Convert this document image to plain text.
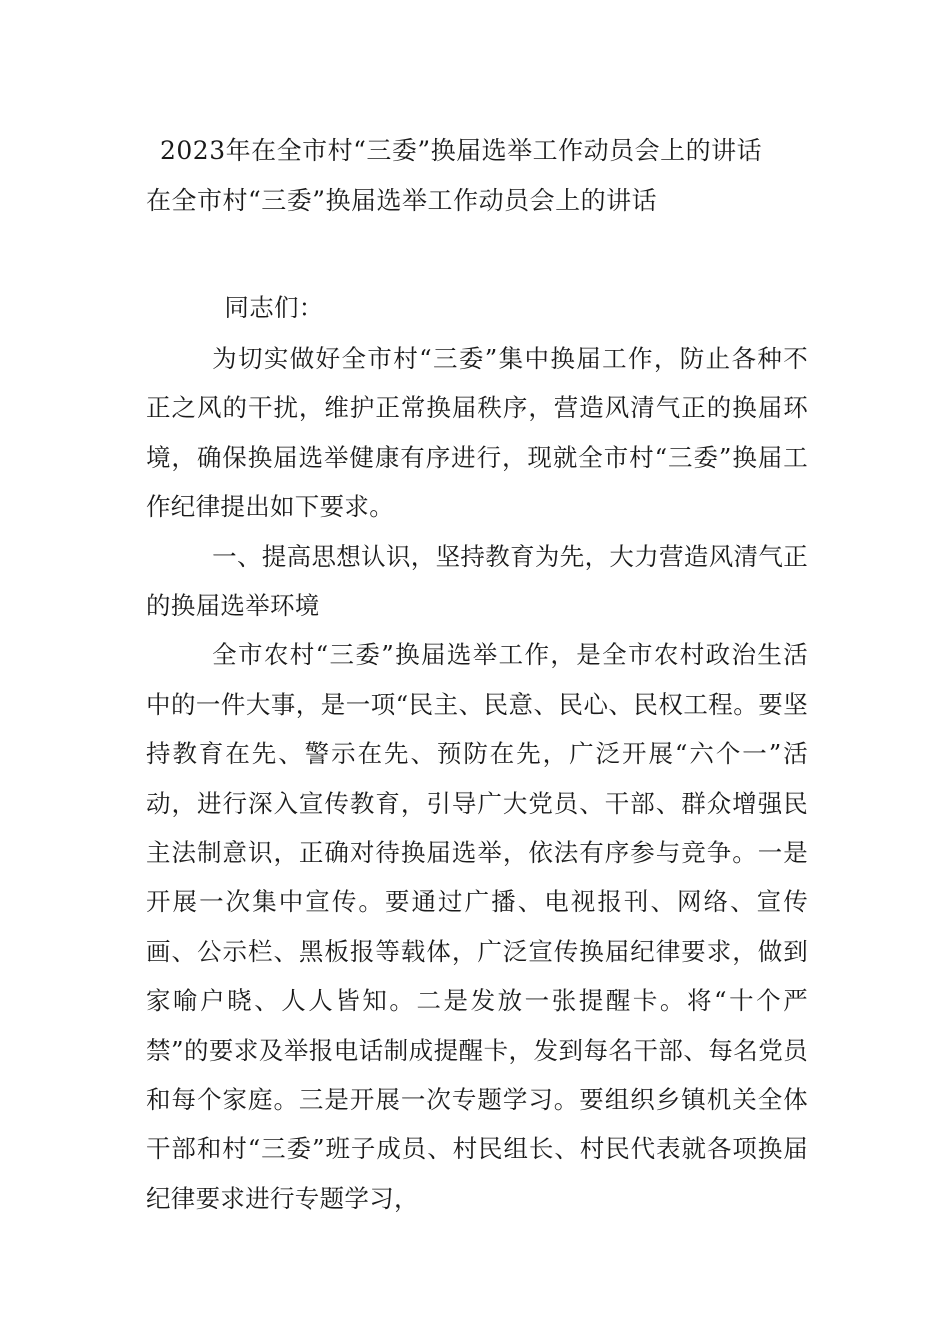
2023年在全市村“三委”换届选举工作动员会上的讲话
在全市村“三委”换届选举工作动员会上的讲话

同志们：

为切实做好全市村“三委”集中换届工作，防止各种不正之风的干扰，维护正常换届秩序，营造风清气正的换届环境，确保换届选举健康有序进行，现就全市村“三委”换届工作纪律提出如下要求。

一、提高思想认识，坚持教育为先，大力营造风清气正的换届选举环境

全市农村“三委”换届选举工作，是全市农村政治生活中的一件大事，是一项“民主、民意、民心、民权工程。要坚持教育在先、警示在先、预防在先，广泛开展“六个一”活动，进行深入宣传教育，引导广大党员、干部、群众增强民主法制意识，正确对待换届选举，依法有序参与竞争。一是开展一次集中宣传。要通过广播、电视报刊、网络、宣传画、公示栏、黑板报等载体，广泛宣传换届纪律要求，做到家喻户晓、人人皆知。二是发放一张提醒卡。将“十个严禁”的要求及举报电话制成提醒卡，发到每名干部、每名党员和每个家庭。三是开展一次专题学习。要组织乡镇机关全体干部和村“三委”班子成员、村民组长、村民代表就各项换届纪律要求进行专题学习，
